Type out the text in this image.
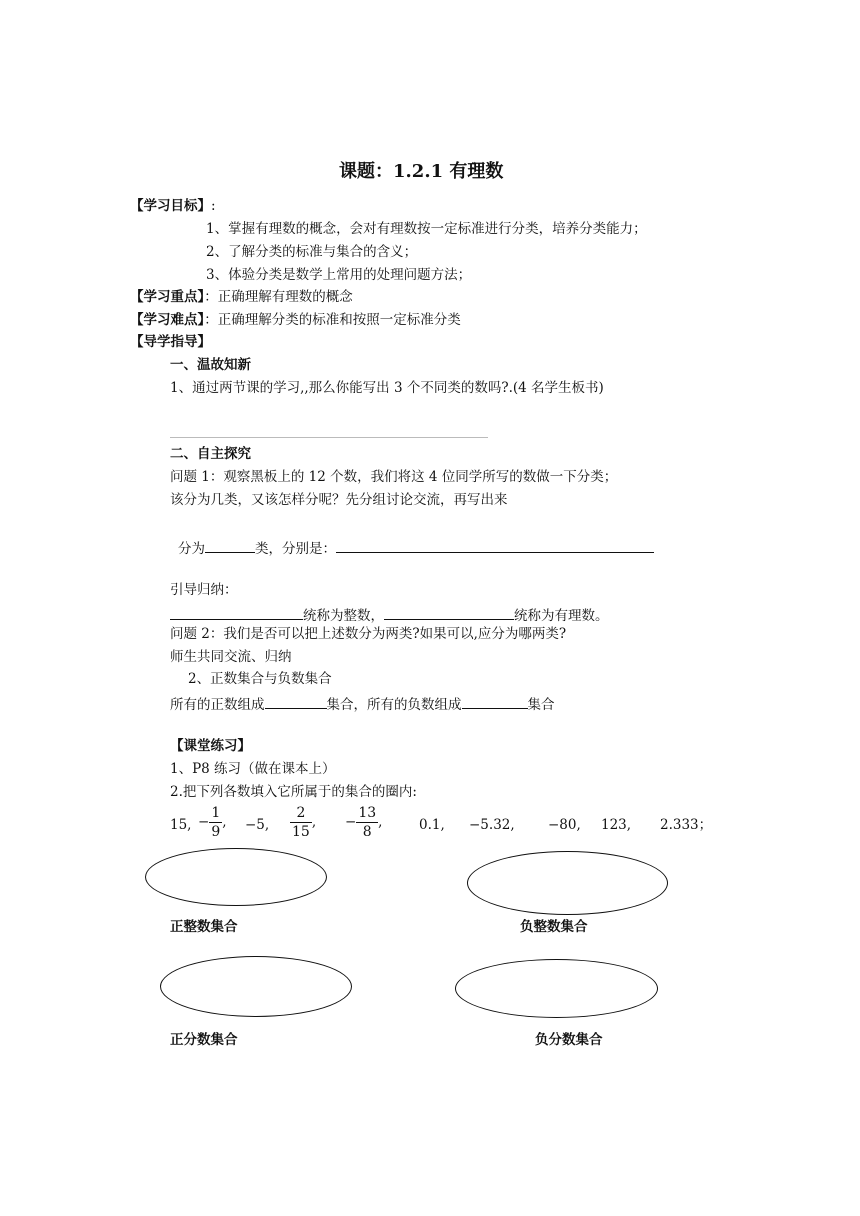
课题：1.2.1 有理数
【学习目标】:
1、掌握有理数的概念，会对有理数按一定标准进行分类，培养分类能力；
2、了解分类的标准与集合的含义；
3、体验分类是数学上常用的处理问题方法；
【学习重点】：正确理解有理数的概念
【学习难点】：正确理解分类的标准和按照一定标准分类
【导学指导】
一、温故知新
1、通过两节课的学习,,那么你能写出 3 个不同类的数吗?.(4 名学生板书)
二、自主探究
问题 1：观察黑板上的 12 个数，我们将这 4 位同学所写的数做一下分类；
该分为几类，又该怎样分呢？先分组讨论交流，再写出来
分为	类，分别是：
引导归纳：
统称为整数，	统称为有理数。
问题 2：我们是否可以把上述数分为两类?如果可以,应分为哪两类?
师生共同交流、归纳
2、正数集合与负数集合
所有的正数组成	集合，所有的负数组成	集合
【课堂练习】
1、P8 练习（做在课本上）
2.把下列各数填入它所属于的集合的圈内:
15, − $\frac{1}{9}$ , −5, $\frac{2}{15}$ , − $\frac{13}{8}$ ,	0.1, −5.32, −80, 123, 2.333；
正整数集合	负整数集合
正分数集合	负分数集合
